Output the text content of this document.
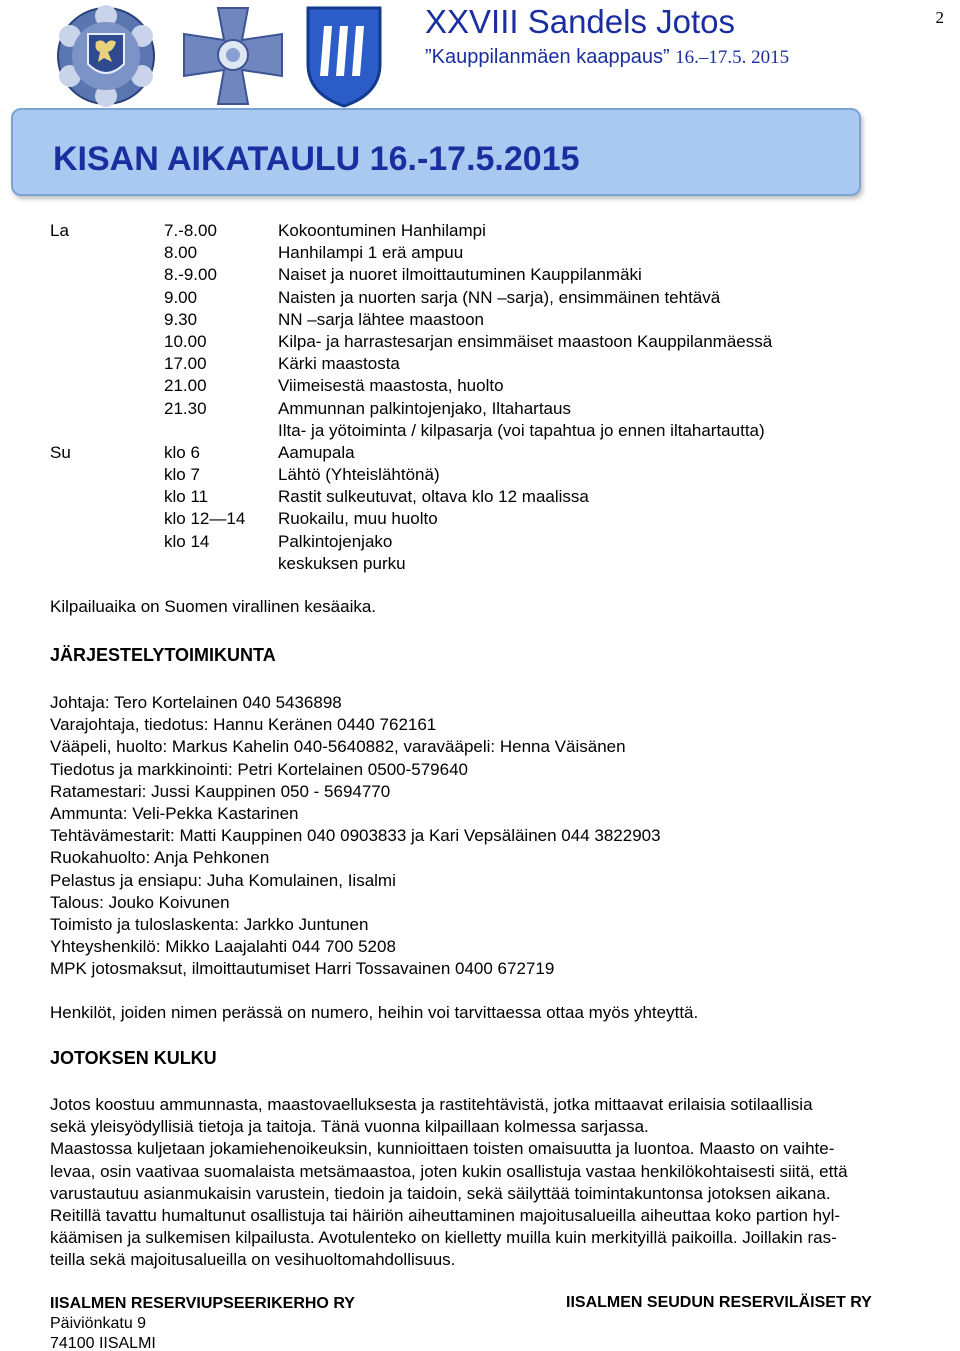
2
XXVIII Sandels Jotos
”Kauppilanmäen kaappaus” 16.–17.5. 2015
KISAN AIKATAULU 16.-17.5.2015
La	7.-8.00	Kokoontuminen Hanhilampi
8.00	Hanhilampi 1 erä ampuu
8.-9.00	Naiset ja nuoret ilmoittautuminen Kauppilanmäki
9.00	Naisten ja nuorten sarja (NN –sarja), ensimmäinen tehtävä
9.30	NN –sarja lähtee maastoon
10.00	Kilpa- ja harrastesarjan ensimmäiset maastoon Kauppilanmäessä
17.00	Kärki maastosta
21.00	Viimeisestä maastosta, huolto
21.30	Ammunnan palkintojenjako, Iltahartaus
Ilta- ja yötoiminta / kilpasarja (voi tapahtua jo ennen iltahartautta)
Su	klo 6	Aamupala
klo 7	Lähtö (Yhteislähtönä)
klo 11	Rastit sulkeutuvat, oltava klo 12 maalissa
klo 12—14 Ruokailu, muu huolto
klo 14	Palkintojenjako
keskuksen purku
Kilpailuaika on Suomen virallinen kesäaika.
JÄRJESTELYTOIMIKUNTA
Johtaja: Tero Kortelainen 040 5436898
Varajohtaja, tiedotus: Hannu Keränen 0440 762161
Vääpeli, huolto: Markus Kahelin 040-5640882, varavääpeli: Henna Väisänen
Tiedotus ja markkinointi: Petri Kortelainen 0500-579640
Ratamestari: Jussi Kauppinen 050 - 5694770
Ammunta: Veli-Pekka Kastarinen
Tehtävämestarit: Matti Kauppinen 040 0903833 ja Kari Vepsäläinen 044 3822903
Ruokahuolto: Anja Pehkonen
Pelastus ja ensiapu: Juha Komulainen, Iisalmi
Talous: Jouko Koivunen
Toimisto ja tuloslaskenta: Jarkko Juntunen
Yhteyshenkilö: Mikko Laajalahti 044 700 5208
MPK jotosmaksut, ilmoittautumiset Harri Tossavainen 0400 672719
Henkilöt, joiden nimen perässä on numero, heihin voi tarvittaessa ottaa myös yhteyttä.
JOTOKSEN KULKU
Jotos koostuu ammunnasta, maastovaelluksesta ja rastitehtävistä, jotka mittaavat erilaisia sotilaallisia
sekä yleisyödyllisiä tietoja ja taitoja. Tänä vuonna kilpaillaan kolmessa sarjassa.
Maastossa kuljetaan jokamiehenoikeuksin, kunnioittaen toisten omaisuutta ja luontoa. Maasto on vaihte-
levaa, osin vaativaa suomalaista metsämaastoa, joten kukin osallistuja vastaa henkilökohtaisesti siitä, että
varustautuu asianmukaisin varustein, tiedoin ja taidoin, sekä säilyttää toimintakuntonsa jotoksen aikana.
Reitillä tavattu humaltunut osallistuja tai häiriön aiheuttaminen majoitusalueilla aiheuttaa koko partion hyl-
käämisen ja sulkemisen kilpailusta. Avotulenteko on kielletty muilla kuin merkityillä paikoilla. Joillakin ras-
teilla sekä majoitusalueilla on vesihuoltomahdollisuus.
IISALMEN RESERVIUPSEERIKERHO RY
Päiviönkatu 9
74100 IISALMI
IISALMEN SEUDUN RESERVILÄISET RY
